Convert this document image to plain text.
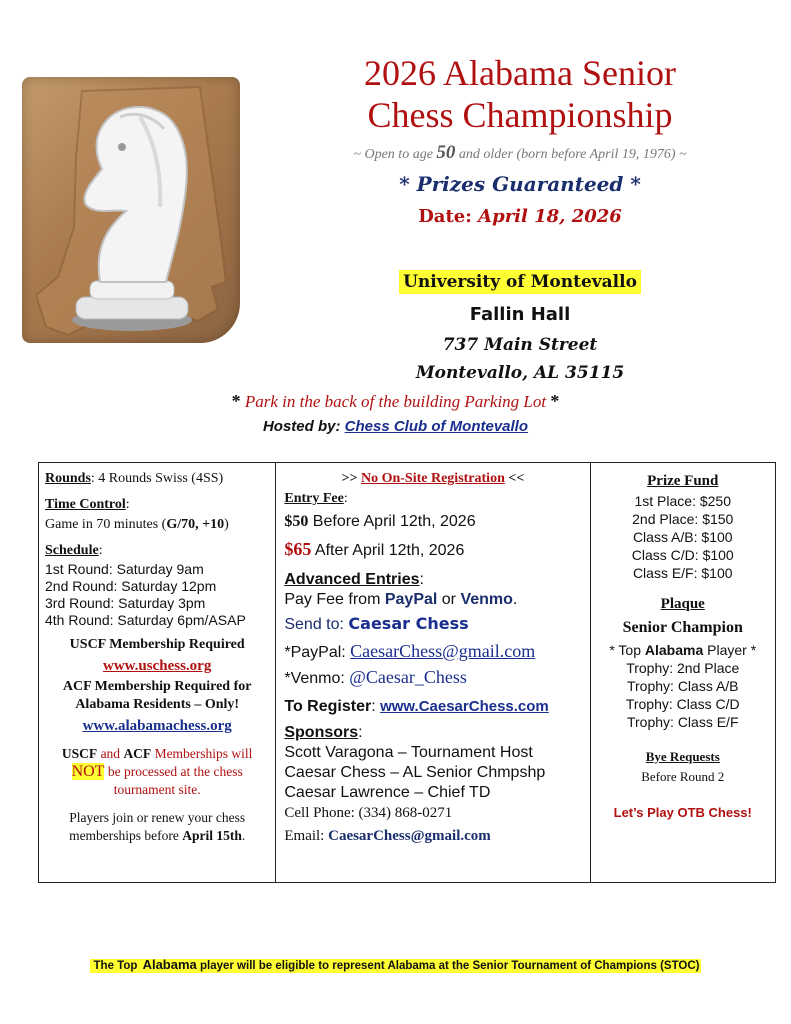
2026 Alabama Senior
Chess Championship
~ Open to age 50 and older (born before April 19, 1976) ~
* Prizes Guaranteed *
Date: April 18, 2026
University of Montevallo
Fallin Hall
737 Main Street
Montevallo, AL 35115
* Park in the back of the building Parking Lot *
Hosted by: Chess Club of Montevallo
Rounds: 4 Rounds Swiss (4SS)
Time Control:
Game in 70 minutes (G/70, +10)
Schedule:
1st Round: Saturday 9am
2nd Round: Saturday 12pm
3rd Round: Saturday 3pm
4th Round: Saturday 6pm/ASAP
USCF Membership Required
www.uschess.org
ACF Membership Required for
Alabama Residents – Only!
www.alabamachess.org
USCF and ACF Memberships will
NOT be processed at the chess
tournament site.
Players join or renew your chess
memberships before April 15th.
>> No On-Site Registration <<
Entry Fee:
$50 Before April 12th, 2026
$65 After April 12th, 2026
Advanced Entries:
Pay Fee from PayPal or Venmo.
Send to: Caesar Chess
*PayPal: CaesarChess@gmail.com
*Venmo: @Caesar_Chess
To Register: www.CaesarChess.com
Sponsors:
Scott Varagona – Tournament Host
Caesar Chess – AL Senior Chmpshp
Caesar Lawrence – Chief TD
Cell Phone: (334) 868-0271
Email: CaesarChess@gmail.com
Prize Fund
1st Place: $250
2nd Place: $150
Class A/B: $100
Class C/D: $100
Class E/F: $100
Plaque
Senior Champion
* Top Alabama Player *
Trophy: 2nd Place
Trophy: Class A/B
Trophy: Class C/D
Trophy: Class E/F
Bye Requests
Before Round 2
Let’s Play OTB Chess!
The Top Alabama player will be eligible to represent Alabama at the Senior Tournament of Champions (STOC)
